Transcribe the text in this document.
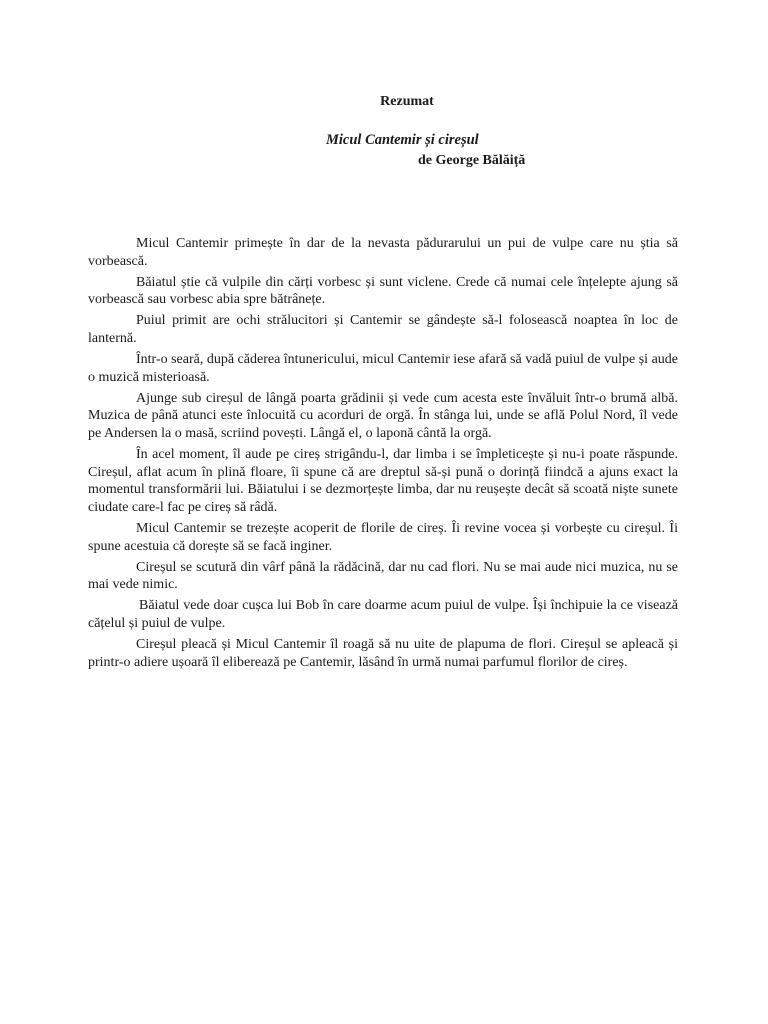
Rezumat
Micul Cantemir și cireșul
de George Bălăiță

Micul Cantemir primește în dar de la nevasta pădurarului un pui de vulpe care nu știa să vorbească.

Băiatul știe că vulpile din cărți vorbesc și sunt viclene. Crede că numai cele înțelepte ajung să vorbească sau vorbesc abia spre bătrânețe.

Puiul primit are ochi strălucitori și Cantemir se gândește să-l folosească noaptea în loc de lanternă.

Într-o seară, după căderea întunericului, micul Cantemir iese afară să vadă puiul de vulpe și aude o muzică misterioasă.

Ajunge sub cireșul de lângă poarta grădinii și vede cum acesta este învăluit într-o brumă albă. Muzica de până atunci este înlocuită cu acorduri de orgă. În stânga lui, unde se află Polul Nord, îl vede pe Andersen la o masă, scriind povești. Lângă el, o laponă cântă la orgă.

În acel moment, îl aude pe cireș strigându-l, dar limba i se împleticește și nu-i poate răspunde. Cireșul, aflat acum în plină floare, îi spune că are dreptul să-și pună o dorință fiindcă a ajuns exact la momentul transformării lui. Băiatului i se dezmorțește limba, dar nu reușește decât să scoată niște sunete ciudate care-l fac pe cireș să râdă.

Micul Cantemir se trezește acoperit de florile de cireș. Îi revine vocea și vorbește cu cireșul. Îi spune acestuia că dorește să se facă inginer.

Cireșul se scutură din vârf până la rădăcină, dar nu cad flori. Nu se mai aude nici muzica, nu se mai vede nimic.

Băiatul vede doar cușca lui Bob în care doarme acum puiul de vulpe. Își închipuie la ce visează cățelul și puiul de vulpe.

Cireșul pleacă și Micul Cantemir îl roagă să nu uite de plapuma de flori. Cireșul se apleacă și printr-o adiere ușoară îl eliberează pe Cantemir, lăsând în urmă numai parfumul florilor de cireș.
